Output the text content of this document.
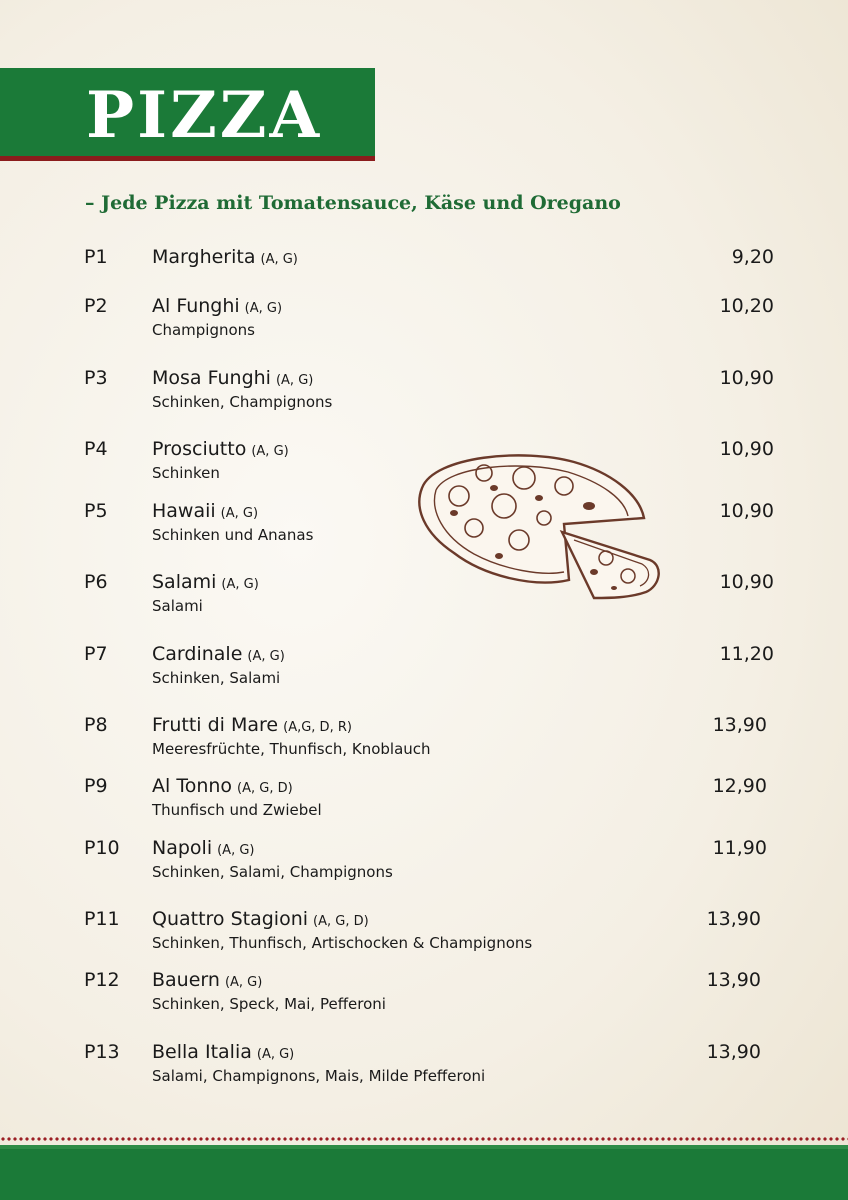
PIZZA
– Jede Pizza mit Tomatensauce, Käse und Oregano
P1 Margherita (A, G)	9,20
P2 Al Funghi (A, G)
Champignons
10,20
P3 Mosa Funghi (A, G)
Schinken, Champignons
10,90
P4 Prosciutto (A, G)
Schinken
10,90
P5 Hawaii (A, G)
Schinken und Ananas
10,90
P6 Salami (A, G)
Salami
10,90
P7 Cardinale (A, G)
Schinken, Salami
11,20
P8 Frutti di Mare (A,G, D, R)
Meeresfrüchte, Thunfisch, Knoblauch
13,90
P9 Al Tonno (A, G, D)
Thunfisch und Zwiebel
12,90
P10 Napoli (A, G)
Schinken, Salami, Champignons
11,90
P11 Quattro Stagioni (A, G, D)
Schinken, Thunfisch, Artischocken & Champignons
13,90
P12 Bauern (A, G)
Schinken, Speck, Mai, Pefferoni
13,90
P13 Bella Italia (A, G)
Salami, Champignons, Mais, Milde Pfefferoni
13,90
